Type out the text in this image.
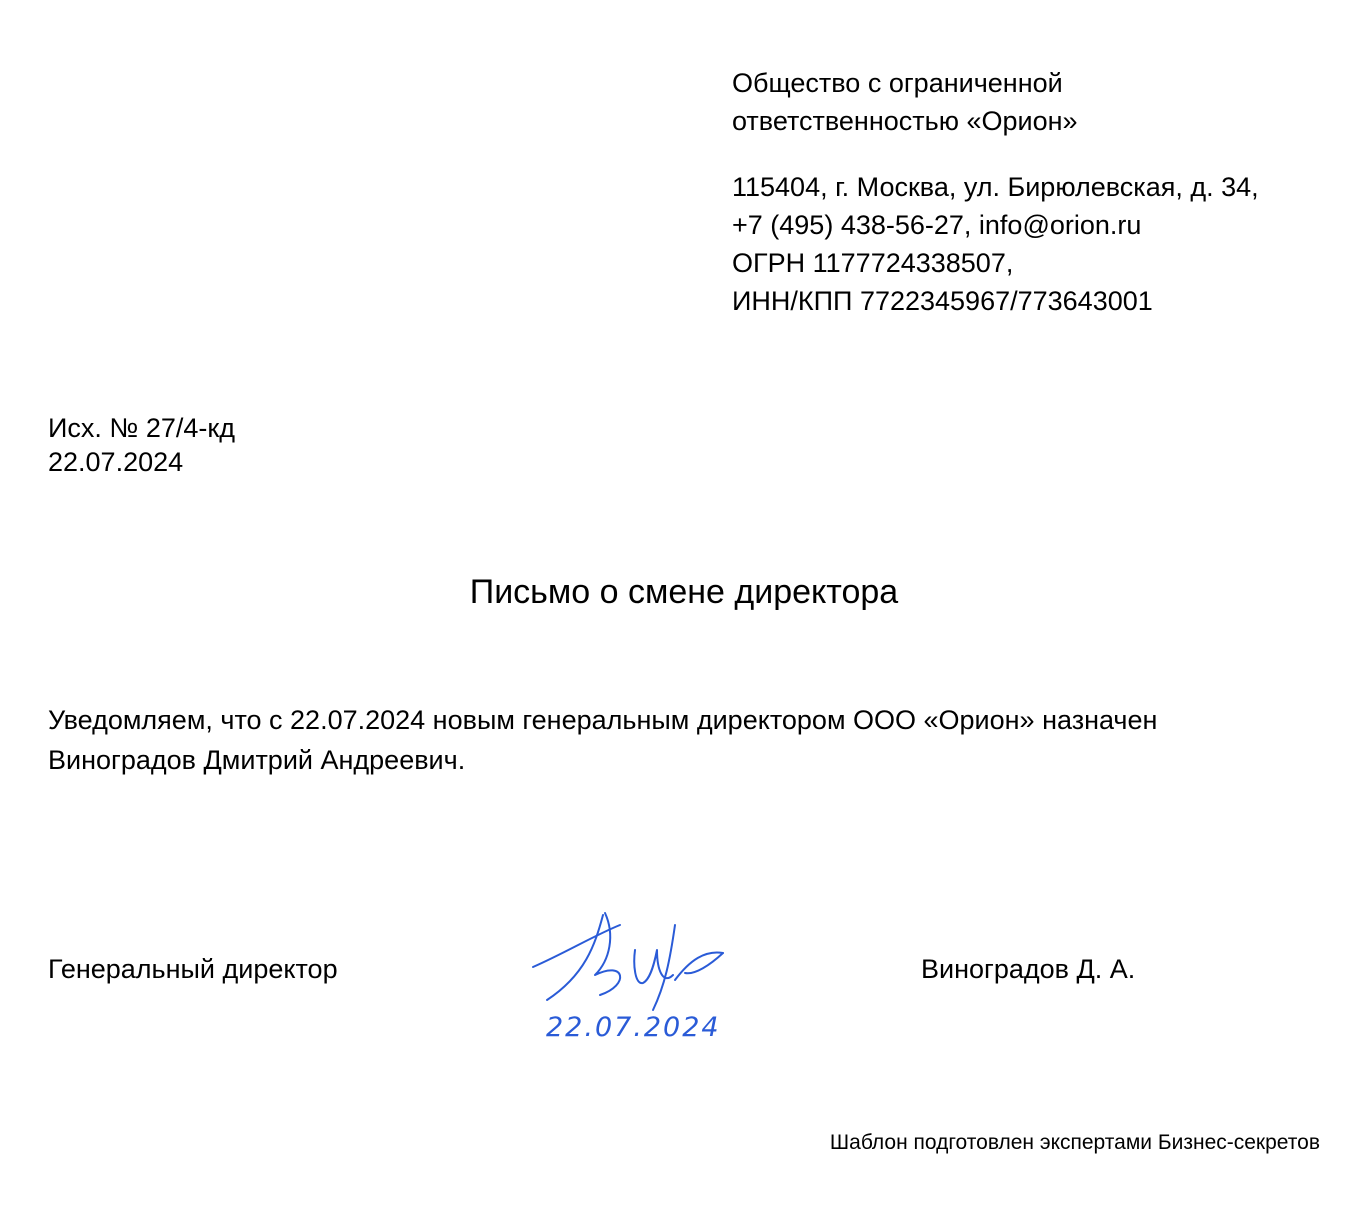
Общество с ограниченной
ответственностью «Орион»
115404, г. Москва, ул. Бирюлевская, д. 34,
+7 (495) 438-56-27, info@orion.ru
ОГРН 1177724338507,
ИНН/КПП 7722345967/773643001
Исх. № 27/4-кд
22.07.2024
Письмо о смене директора
Уведомляем, что с 22.07.2024 новым генеральным директором ООО «Орион» назначен
Виноградов Дмитрий Андреевич.
Генеральный директор
22.07.2024
Виноградов Д. А.
Шаблон подготовлен экспертами Бизнес-секретов
